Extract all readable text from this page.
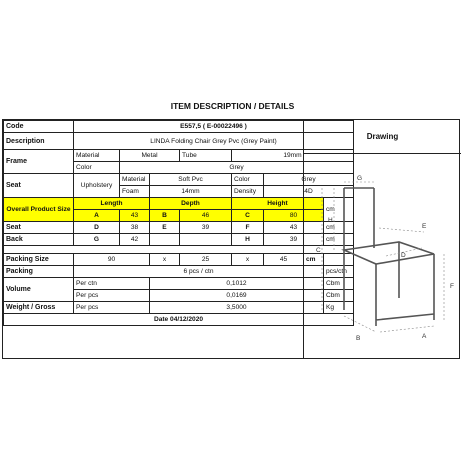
ITEM DESCRIPTION / DETAILS
Code	E557,5 ( E-00022496 )							
Description	LINDA Folding Chair Grey Pvc (Grey Paint)							
Frame	Material	Metal		Tube	19mm			
	Color	Grey						
Seat	Upholstery	Material	Soft Pvc		Color	Grey		
		Foam	14mm		Density	4D		
Overall Product Size	Length		Depth		Height			cm
	A	43	B	46	C	80		
Seat	D	38	E	39	F	43		cm
Back	G	42			H	39		cm

Packing Size	90		x	25	x	45	cm	
Packing	6 pcs / ctn							pcs/ctn
Volume	Per ctn		0,1012					Cbm
	Per pcs		0,0169					Cbm
Weight / Gross	Per pcs		3,5000					Kg
Date 04/12/2020								
Drawing
G
H
C
E
D
F
B	A
